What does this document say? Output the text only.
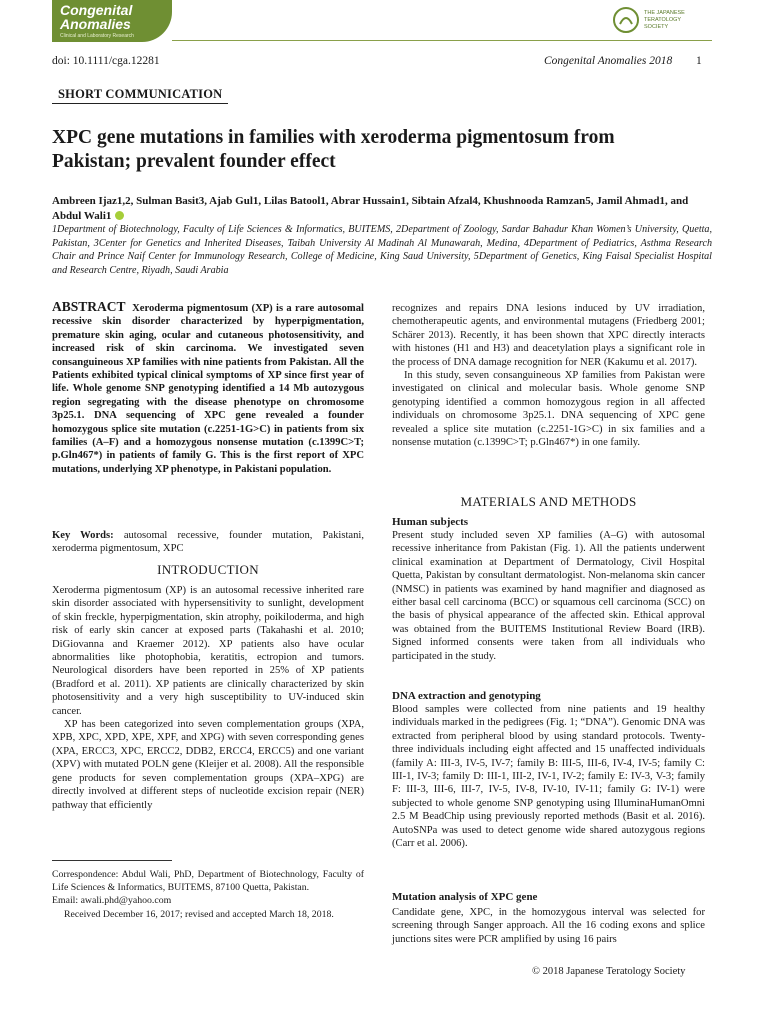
Congenital
Anomalies
Clinical and Laboratory Research
THE JAPANESE TERATOLOGY SOCIETY
doi: 10.1111/cga.12281	Congenital Anomalies 2018 1
SHORT COMMUNICATION
XPC gene mutations in families with xeroderma pigmentosum from Pakistan; prevalent founder effect
Ambreen Ijaz1,2, Sulman Basit3, Ajab Gul1, Lilas Batool1, Abrar Hussain1, Sibtain Afzal4, Khushnooda Ramzan5, Jamil Ahmad1, and Abdul Wali1
1Department of Biotechnology, Faculty of Life Sciences & Informatics, BUITEMS, 2Department of Zoology, Sardar Bahadur Khan Women’s University, Quetta, Pakistan, 3Center for Genetics and Inherited Diseases, Taibah University Al Madinah Al Munawarah, Medina, 4Department of Pediatrics, Asthma Research Chair and Prince Naif Center for Immunology Research, College of Medicine, King Saud University, 5Department of Genetics, King Faisal Specialist Hospital and Research Centre, Riyadh, Saudi Arabia
ABSTRACT Xeroderma pigmentosum (XP) is a rare autosomal recessive skin disorder characterized by hyperpigmentation, premature skin aging, ocular and cutaneous photosensitivity, and increased risk of skin carcinoma. We investigated seven consanguineous XP families with nine patients from Pakistan. All the Patients exhibited typical clinical symptoms of XP since first year of life. Whole genome SNP genotyping identified a 14 Mb autozygous region segregating with the disease phenotype on chromosome 3p25.1. DNA sequencing of XPC gene revealed a founder homozygous splice site mutation (c.2251-1G>C) in patients from six families (A–F) and a homozygous nonsense mutation (c.1399C>T; p.Gln467*) in patients of family G. This is the first report of XPC mutations, underlying XP phenotype, in Pakistani population.
Key Words: autosomal recessive, founder mutation, Pakistani, xeroderma pigmentosum, XPC
INTRODUCTION

Xeroderma pigmentosum (XP) is an autosomal recessive inherited rare skin disorder associated with hypersensitivity to sunlight, development of skin freckle, hyperpigmentation, skin atrophy, poikiloderma, and high risk of early skin cancer at exposed parts (Takahashi et al. 2010; DiGiovanna and Kraemer 2012). XP patients also have ocular abnormalities like photophobia, keratitis, ectropion and tumors. Neurological disorders have been reported in 25% of XP patients (Bradford et al. 2011). XP patients are clinically characterized by skin photosensitivity and a very high susceptibility to UV-induced skin cancer.

XP has been categorized into seven complementation groups (XPA, XPB, XPC, XPD, XPE, XPF, and XPG) with seven corresponding genes (XPA, ERCC3, XPC, ERCC2, DDB2, ERCC4, ERCC5) and one variant (XPV) with mutated POLN gene (Kleijer et al. 2008). All the responsible gene products for seven complementation groups (XPA–XPG) are directly involved at different steps of nucleotide excision repair (NER) pathway that efficiently

Correspondence: Abdul Wali, PhD, Department of Biotechnology, Faculty of Life Sciences & Informatics, BUITEMS, 87100 Quetta, Pakistan.

Email: awali.phd@yahoo.com

Received December 16, 2017; revised and accepted March 18, 2018.

recognizes and repairs DNA lesions induced by UV irradiation, chemotherapeutic agents, and environmental mutagens (Friedberg 2001; Schärer 2013). Recently, it has been shown that XPC directly interacts with histones (H1 and H3) and deacetylation plays a significant role in the process of DNA damage recognition for NER (Kakumu et al. 2017).

In this study, seven consanguineous XP families from Pakistan were investigated on clinical and molecular basis. Whole genome SNP genotyping identified a common homozygous region in all affected individuals on chromosome 3p25.1. DNA sequencing of XPC gene revealed a splice site mutation (c.2251-1G>C) in six families and a nonsense mutation (c.1399C>T; p.Gln467*) in one family.

MATERIALS AND METHODS
Human subjects
Present study included seven XP families (A–G) with autosomal recessive inheritance from Pakistan (Fig. 1). All the patients underwent clinical examination at Department of Dermatology, Civil Hospital Quetta, Pakistan by consultant dermatologist. Non-melanoma skin cancer (NMSC) in patients was examined by hand magnifier and diagnosed as either basal cell carcinoma (BCC) or squamous cell carcinoma (SCC) on the basis of physical appearance of the affected skin. Ethical approval was obtained from the BUITEMS Institutional Review Board (IRB). Signed informed consents were taken from all individuals who participated in the study.
DNA extraction and genotyping
Blood samples were collected from nine patients and 19 healthy individuals marked in the pedigrees (Fig. 1; “DNA”). Genomic DNA was extracted from peripheral blood by using standard protocols. Twenty-three individuals including eight affected and 15 unaffected individuals (family A: III-3, IV-5, IV-7; family B: III-5, III-6, IV-4, IV-5; family C: III-1, IV-3; family D: III-1, III-2, IV-1, IV-2; family E: IV-3, V-3; family F: III-3, III-6, III-7, IV-5, IV-8, IV-10, IV-11; family G: IV-1) were subjected to whole genome SNP genotyping using IlluminaHumanOmni 2.5 M BeadChip using previously reported methods (Basit et al. 2016). AutoSNPa was used to detect genome wide shared autozygous regions (Carr et al. 2006).
Mutation analysis of XPC gene
Candidate gene, XPC, in the homozygous interval was selected for screening through Sanger approach. All the 16 coding exons and splice junctions sites were PCR amplified by using 16 pairs
© 2018 Japanese Teratology Society
